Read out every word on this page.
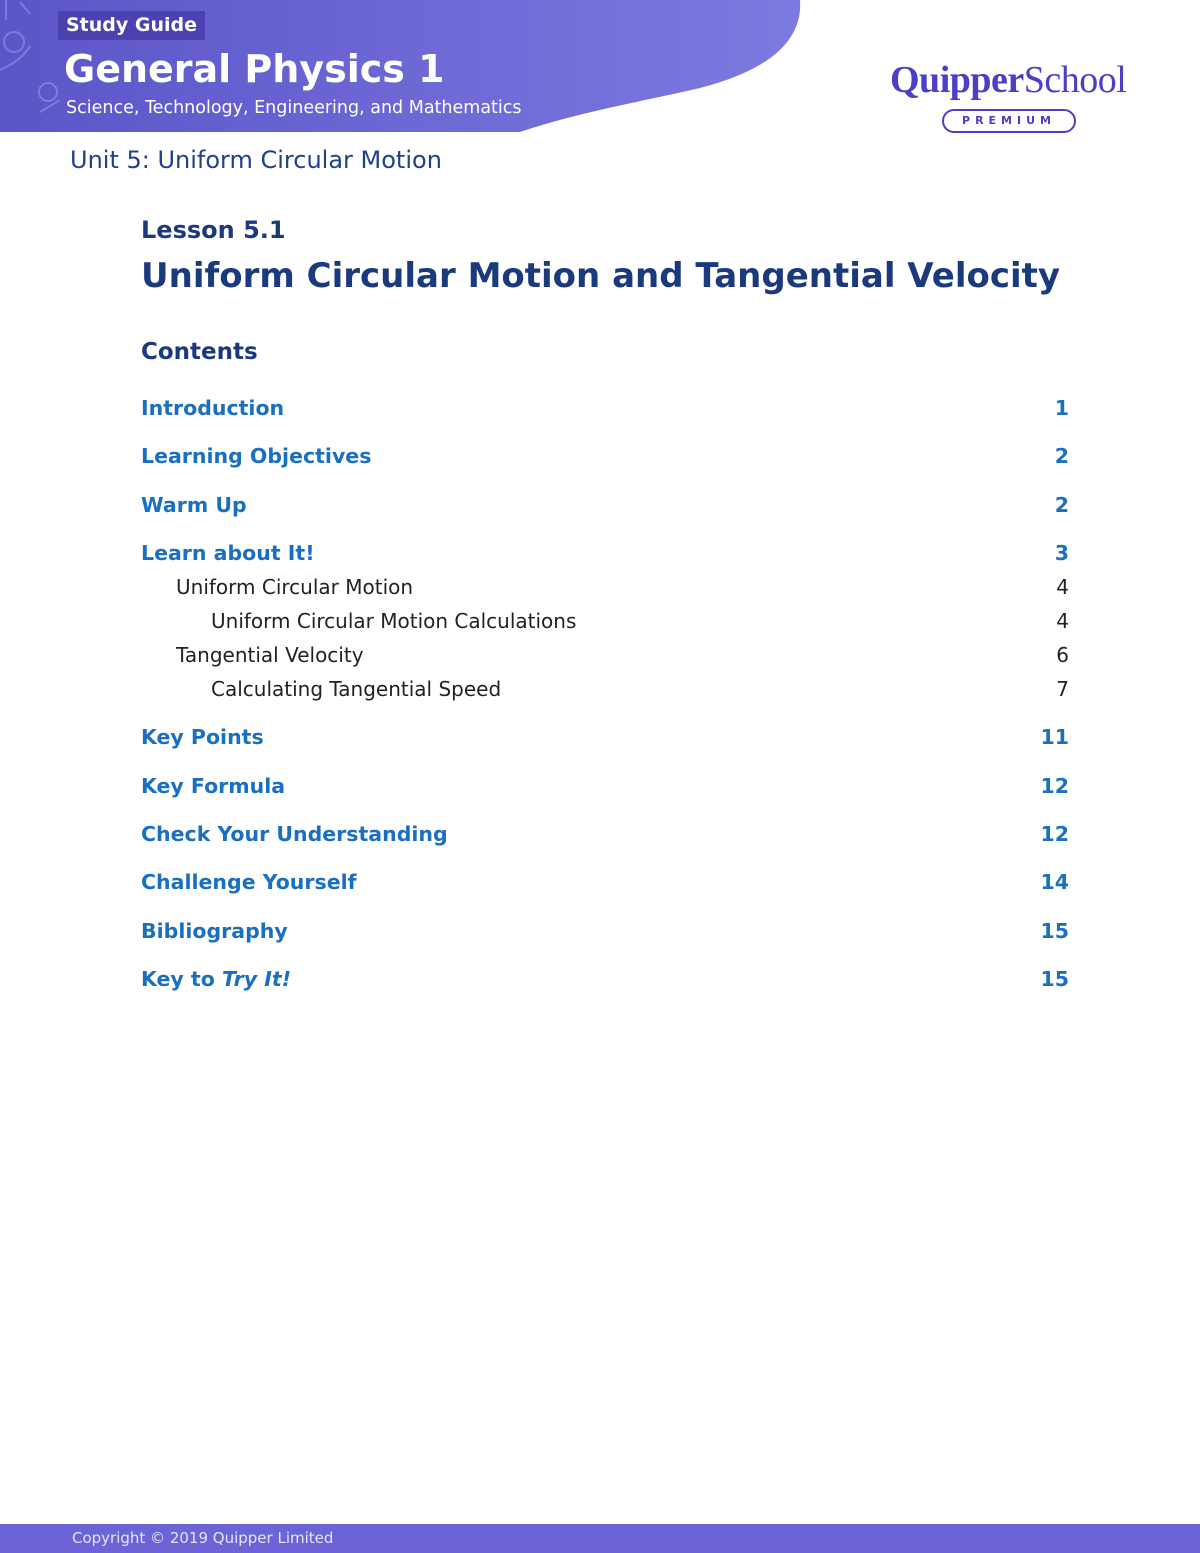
Study Guide
General Physics 1
Science, Technology, Engineering, and Mathematics
QuipperSchool
PREMIUM
Unit 5: Uniform Circular Motion
Lesson 5.1
Uniform Circular Motion and Tangential Velocity
Contents
Introduction	1
Learning Objectives	2
Warm Up	2
Learn about It!	3
Uniform Circular Motion	4
Uniform Circular Motion Calculations	4
Tangential Velocity	6
Calculating Tangential Speed	7
Key Points	11
Key Formula	12
Check Your Understanding	12
Challenge Yourself	14
Bibliography	15
Key to Try It!	15
Copyright © 2019 Quipper Limited
